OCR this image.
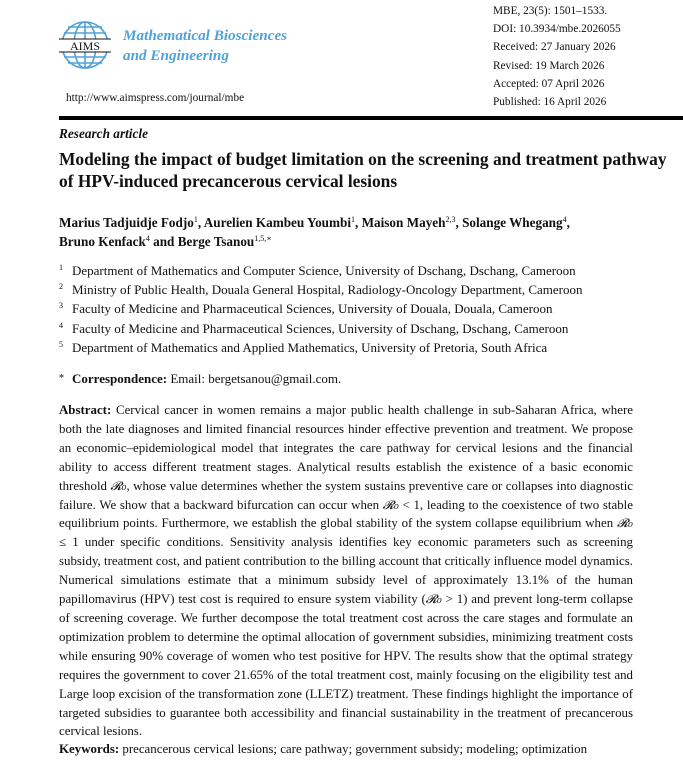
AIMS
Mathematical Biosciences
and Engineering
http://www.aimspress.com/journal/mbe
MBE, 23(5): 1501–1533.
DOI: 10.3934/mbe.2026055
Received: 27 January 2026
Revised: 19 March 2026
Accepted: 07 April 2026
Published: 16 April 2026
Research article
Modeling the impact of budget limitation on the screening and treatment pathway of HPV-induced precancerous cervical lesions
Marius Tadjuidje Fodjo$^1$, Aurelien Kambeu Youmbi$^1$, Maison Mayeh$^{2,3}$, Solange Whegang$^4$,
Bruno Kenfack$^4$ and Berge Tsanou$^{1,5,∗}$
1 Department of Mathematics and Computer Science, University of Dschang, Dschang, Cameroon
2 Ministry of Public Health, Douala General Hospital, Radiology-Oncology Department, Cameroon
3 Faculty of Medicine and Pharmaceutical Sciences, University of Douala, Douala, Cameroon
4 Faculty of Medicine and Pharmaceutical Sciences, University of Dschang, Dschang, Cameroon
5 Department of Mathematics and Applied Mathematics, University of Pretoria, South Africa
* Correspondence: Email: bergetsanou@gmail.com.
Abstract: Cervical cancer in women remains a major public health challenge in sub-Saharan Africa, where both the late diagnoses and limited financial resources hinder effective prevention and treatment. We propose an economic–epidemiological model that integrates the care pathway for cervical lesions and the financial ability to access different treatment stages. Analytical results establish the existence of a basic economic threshold 𝓡₀, whose value determines whether the system sustains preventive care or collapses into diagnostic failure. We show that a backward bifurcation can occur when 𝓡₀ < 1, leading to the coexistence of two stable equilibrium points. Furthermore, we establish the global stability of the system collapse equilibrium when 𝓡₀ ≤ 1 under specific conditions. Sensitivity analysis identifies key economic parameters such as screening subsidy, treatment cost, and patient contribution to the billing account that critically influence model dynamics. Numerical simulations estimate that a minimum subsidy level of approximately 13.1% of the human papillomavirus (HPV) test cost is required to ensure system viability (𝓡₀ > 1) and prevent long-term collapse of screening coverage. We further decompose the total treatment cost across the care stages and formulate an optimization problem to determine the optimal allocation of government subsidies, minimizing treatment costs while ensuring 90% coverage of women who test positive for HPV. The results show that the optimal strategy requires the government to cover 21.65% of the total treatment cost, mainly focusing on the eligibility test and Large loop excision of the transformation zone (LLETZ) treatment. These findings highlight the importance of targeted subsidies to guarantee both accessibility and financial sustainability in the treatment of precancerous cervical lesions.
Keywords: precancerous cervical lesions; care pathway; government subsidy; modeling; optimization
